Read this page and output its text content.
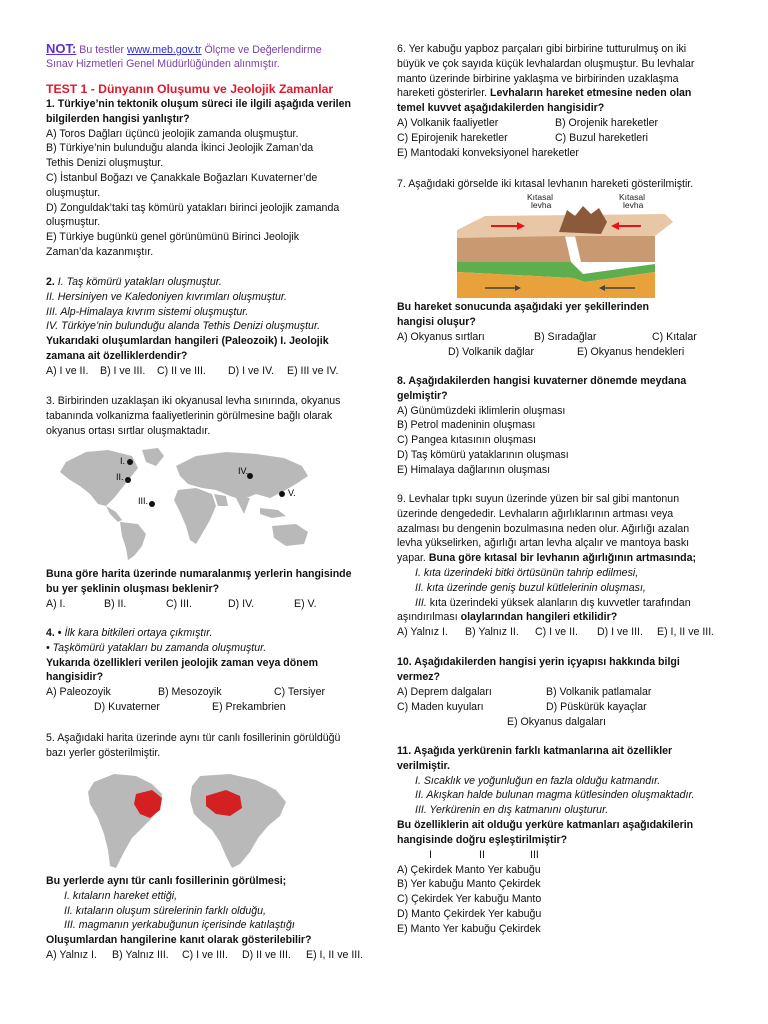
NOT: Bu testler www.meb.gov.tr Ölçme ve Değerlendirme
Sınav Hizmetleri Genel Müdürlüğünden alınmıştır.
TEST 1 - Dünyanın Oluşumu ve Jeolojik Zamanlar
1. Türkiye’nin tektonik oluşum süreci ile ilgili aşağıda verilen
bilgilerden hangisi yanlıştır?
A) Toros Dağları üçüncü jeolojik zamanda oluşmuştur.
B) Türkiye’nin bulunduğu alanda İkinci Jeolojik Zaman’da
Tethis Denizi oluşmuştur.
C) İstanbul Boğazı ve Çanakkale Boğazları Kuvaterner’de
oluşmuştur.
D) Zonguldak’taki taş kömürü yatakları birinci jeolojik zamanda
oluşmuştur.
E) Türkiye bugünkü genel görünümünü Birinci Jeolojik
Zaman’da kazanmıştır.
2. I. Taş kömürü yatakları oluşmuştur.
II. Hersiniyen ve Kaledoniyen kıvrımları oluşmuştur.
III. Alp-Himalaya kıvrım sistemi oluşmuştur.
IV. Türkiye’nin bulunduğu alanda Tethis Denizi oluşmuştur.
Yukarıdaki oluşumlardan hangileri (Paleozoik) I. Jeolojik
zamana ait özelliklerdendir?
A) I ve II. B) I ve III. C) II ve III. D) I ve IV. E) III ve IV.
3. Birbirinden uzaklaşan iki okyanusal levha sınırında, okyanus
tabanında volkanizma faaliyetlerinin görülmesine bağlı olarak
okyanus ortası sırtlar oluşmaktadır.
I.
II.
III.
IV.
V.
Buna göre harita üzerinde numaralanmış yerlerin hangisinde
bu yer şeklinin oluşması beklenir?
A) I.	B) II.	C) III.	D) IV.	E) V.
4. • İlk kara bitkileri ortaya çıkmıştır.
• Taşkömürü yatakları bu zamanda oluşmuştur.
Yukarıda özellikleri verilen jeolojik zaman veya dönem
hangisidir?
A) Paleozoyik	B) Mesozoyik	C) Tersiyer
D) Kuvaterner	E) Prekambrien
5. Aşağıdaki harita üzerinde aynı tür canlı fosillerinin görüldüğü
bazı yerler gösterilmiştir.
Bu yerlerde aynı tür canlı fosillerinin görülmesi;
I. kıtaların hareket ettiği,
II. kıtaların oluşum sürelerinin farklı olduğu,
III. magmanın yerkabuğunun içerisinde katılaştığı
Oluşumlardan hangilerine kanıt olarak gösterilebilir?
A) Yalnız I. B) Yalnız III. C) I ve III. D) II ve III. E) I, II ve III.
6. Yer kabuğu yapboz parçaları gibi birbirine tutturulmuş on iki
büyük ve çok sayıda küçük levhalardan oluşmuştur. Bu levhalar
manto üzerinde birbirine yaklaşma ve birbirinden uzaklaşma
hareketi gösterirler. Levhaların hareket etmesine neden olan
temel kuvvet aşağıdakilerden hangisidir?
A) Volkanik faaliyetler	B) Orojenik hareketler
C) Epirojenik hareketler	C) Buzul hareketleri
E) Mantodaki konveksiyonel hareketler
7. Aşağıdaki görselde iki kıtasal levhanın hareketi gösterilmiştir.
Kıtasal
levha
Kıtasal
levha
Bu hareket sonucunda aşağıdaki yer şekillerinden
hangisi oluşur?
A) Okyanus sırtları	B) Sıradağlar	C) Kıtalar
D) Volkanik dağlar	E) Okyanus hendekleri
8. Aşağıdakilerden hangisi kuvaterner dönemde meydana
gelmiştir?
A) Günümüzdeki iklimlerin oluşması
B) Petrol madeninin oluşması
C) Pangea kıtasının oluşması
D) Taş kömürü yataklarının oluşması
E) Himalaya dağlarının oluşması
9. Levhalar tıpkı suyun üzerinde yüzen bir sal gibi mantonun
üzerinde dengededir. Levhaların ağırlıklarının artması veya
azalması bu dengenin bozulmasına neden olur. Ağırlığı azalan
levha yükselirken, ağırlığı artan levha alçalır ve mantoya baskı
yapar. Buna göre kıtasal bir levhanın ağırlığının artmasında;
I. kıta üzerindeki bitki örtüsünün tahrip edilmesi,
II. kıta üzerinde geniş buzul kütlelerinin oluşması,
III. kıta üzerindeki yüksek alanların dış kuvvetler tarafından
aşındırılması olaylarından hangileri etkilidir?
A) Yalnız I. B) Yalnız II. C) I ve II. D) I ve III. E) I, II ve III.
10. Aşağıdakilerden hangisi yerin içyapısı hakkında bilgi
vermez?
A) Deprem dalgaları	B) Volkanik patlamalar
C) Maden kuyuları	D) Püskürük kayaçlar
E) Okyanus dalgaları
11. Aşağıda yerkürenin farklı katmanlarına ait özellikler
verilmiştir.
I. Sıcaklık ve yoğunluğun en fazla olduğu katmandır.
II. Akışkan halde bulunan magma kütlesinden oluşmaktadır.
III. Yerkürenin en dış katmanını oluşturur.
Bu özelliklerin ait olduğu yerküre katmanları aşağıdakilerin
hangisinde doğru eşleştirilmiştir?
I	II	III
A) Çekirdek Manto Yer kabuğu
B) Yer kabuğu Manto Çekirdek
C) Çekirdek Yer kabuğu Manto
D) Manto Çekirdek Yer kabuğu
E) Manto Yer kabuğu Çekirdek
